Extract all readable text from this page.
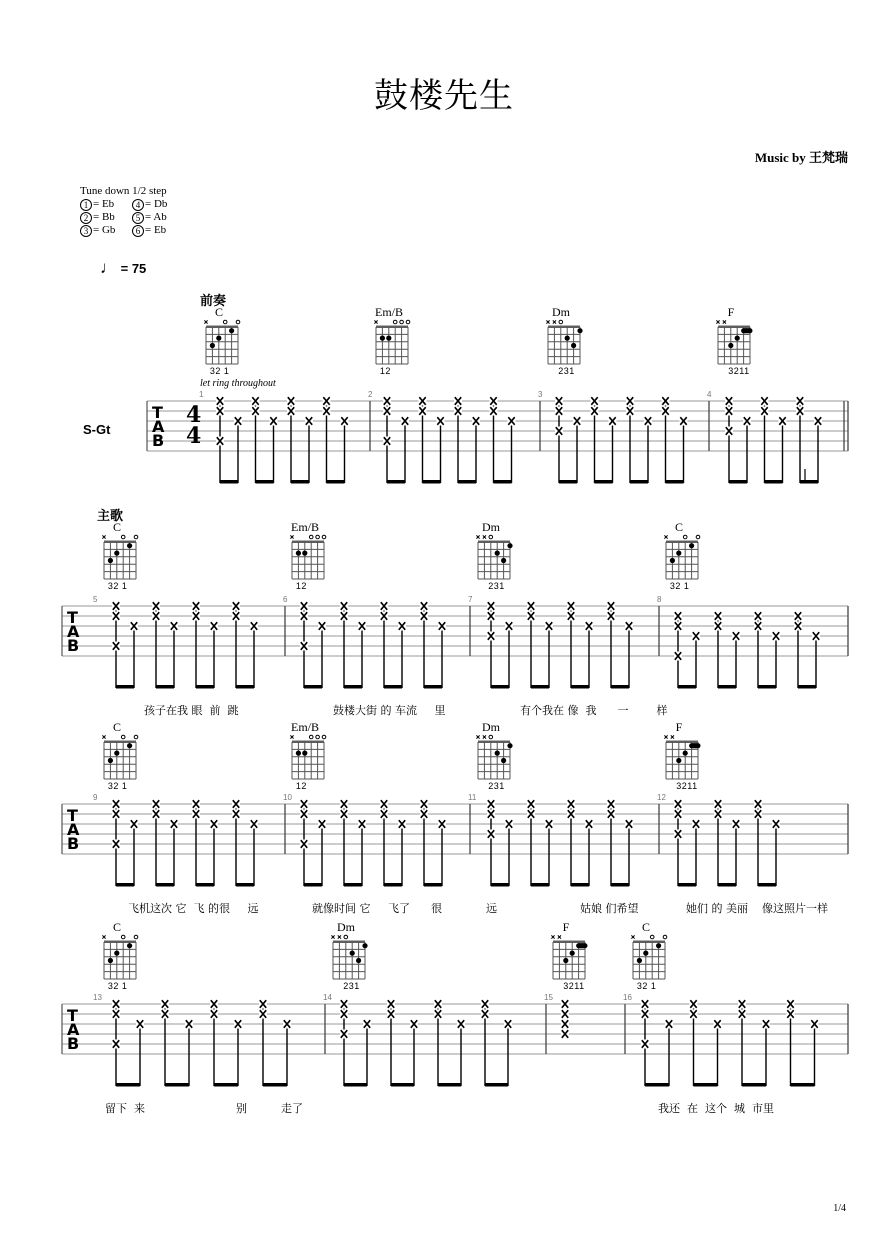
鼓楼先生
Music by 王梵瑞
Tune down 1/2 step
1 = Eb	4 = Db
2 = Bb	5 = Ab
3 = Gb	6 = Eb
♩ = 75
S-Gt
let ring throughout
T
A
B
4
4
T
A
B
T
A
B
T
A
B
1/4
前奏
1
C
32 1
2
Em/B
12
3
Dm
231
4
F
3211
主歌
5
C
32 1
6
Em/B
12
7
Dm
231
8
C
32 1
孩子在我 眼  前  跳	鼓楼大街 的 车流     里	有个我在 像  我      一        样
9
C
32 1
10
Em/B
12
11
Dm
231
12
F
3211
飞机这次 它  飞 的很     远	就像时间 它     飞了      很	远	姑娘 们希望	她们 的 美丽    像这照片一样
13
C
32 1
14
Dm
231
15
F
3211
16
C
32 1
留下  来	别	走了	我还  在  这个  城  市里
